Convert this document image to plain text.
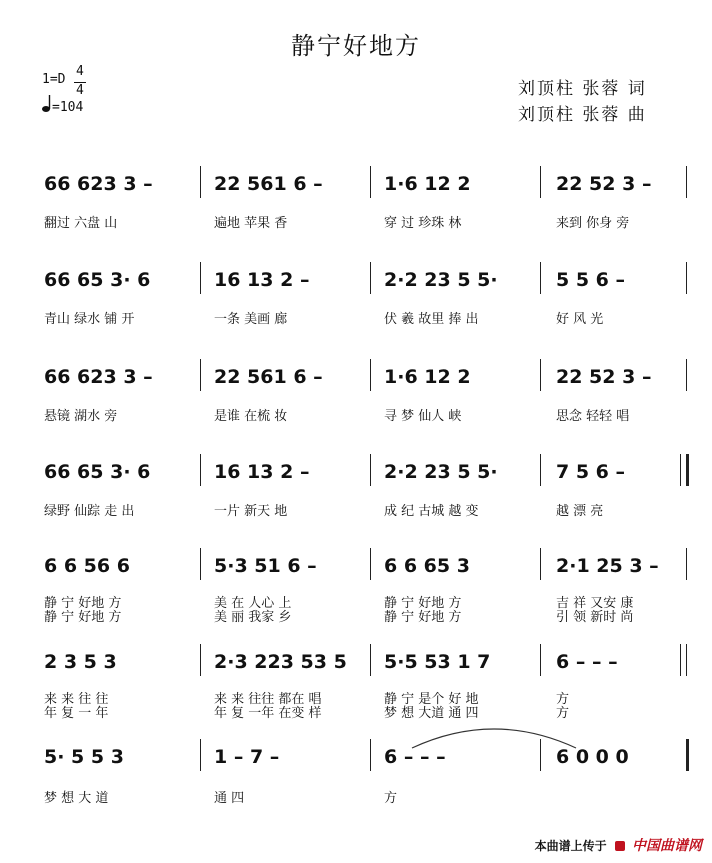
静宁好地方
1=D
4
4
=104
刘顶柱 张蓉 词
刘顶柱 张蓉 曲
66 623 3 –
翻过 六盘 山
22 561 6 –
遍地 苹果 香
1·6 12 2
穿 过 珍珠 林
22 52 3 –
来到 你身 旁
66 65 3· 6
青山 绿水 铺 开
16 13 2 –
一条 美画 廊
2·2 23 5 5·
伏 羲 故里 捧 出
5 5 6 –
好 风 光
66 623 3 –
悬镜 湖水 旁
22 561 6 –
是谁 在梳 妆
1·6 12 2
寻 梦 仙人 峡
22 52 3 –
思念 轻轻 唱
66 65 3· 6
绿野 仙踪 走 出
16 13 2 –
一片 新天 地
2·2 23 5 5·
成 纪 古城 越 变
7 5 6 –
越 漂 亮
6 6 56 6
静 宁 好地 方
静 宁 好地 方
5·3 51 6 –
美 在 人心 上
美 丽 我家 乡
6 6 65 3
静 宁 好地 方
静 宁 好地 方
2·1 25 3 –
吉 祥 又安 康
引 领 新时 尚
2 3 5 3
来 来 往 往
年 复 一 年
2·3 223 53 5
来 来 往往 都在 唱
年 复 一年 在变 样
5·5 53 1 7
静 宁 是个 好 地
梦 想 大道 通 四
6 – – –
方
方
5· 5 5 3
梦 想 大 道
1 – 7 –
通 四
6 – – –
方
6 0 0 0
本曲谱上传于 中国曲谱网
